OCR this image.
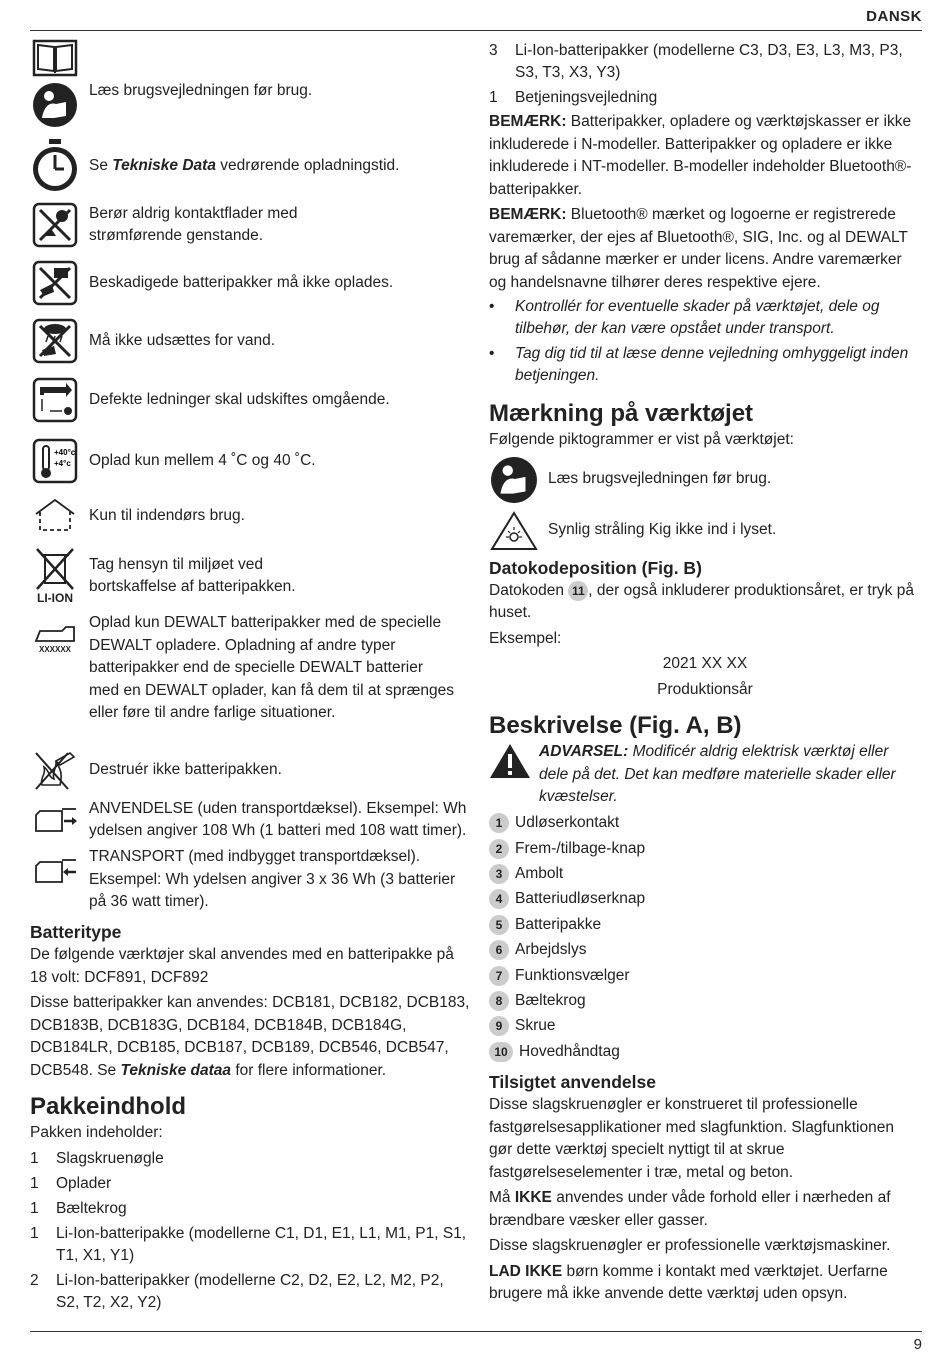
DANSK
Læs brugsvejledningen før brug.
Se Tekniske Data vedrørende opladningstid.
Berør aldrig kontaktflader med strømførende genstande.
Beskadigede batteripakker må ikke oplades.
Må ikke udsættes for vand.
Defekte ledninger skal udskiftes omgående.
+40°c
+4°c Oplad kun mellem 4 ˚C og 40 ˚C.
Kun til indendørs brug.
LI-ION
Tag hensyn til miljøet ved bortskaffelse af batteripakken.
XXXXXX
Oplad kun DEWALT batteripakker med de specielle DEWALT opladere. Opladning af andre typer batteripakker end de specielle DEWALT batterier med en DEWALT oplader, kan få dem til at sprænges eller føre til andre farlige situationer.
Destruér ikke batteripakken.
ANVENDELSE (uden transportdæksel). Eksempel: Wh ydelsen angiver 108 Wh (1 batteri med 108 watt timer).
TRANSPORT (med indbygget transportdæksel). Eksempel: Wh ydelsen angiver 3 x 36 Wh (3 batterier på 36 watt timer).
Batteritype

De følgende værktøjer skal anvendes med en batteripakke på 18 volt: DCF891, DCF892

Disse batteripakker kan anvendes: DCB181, DCB182, DCB183, DCB183B, DCB183G, DCB184, DCB184B, DCB184G, DCB184LR, DCB185, DCB187, DCB189, DCB546, DCB547, DCB548. Se Tekniske dataa for flere informationer.

Pakkeindhold

Pakken indeholder:

1	Slagskruenøgle
1	Oplader
1	Bæltekrog
1	Li-Ion-batteripakke (modellerne C1, D1, E1, L1, M1, P1, S1, T1, X1, Y1)
2	Li-Ion-batteripakker (modellerne C2, D2, E2, L2, M2, P2, S2, T2, X2, Y2)
3	Li-Ion-batteripakker (modellerne C3, D3, E3, L3, M3, P3, S3, T3, X3, Y3)
1	Betjeningsvejledning

BEMÆRK: Batteripakker, opladere og værktøjskasser er ikke inkluderede i N-modeller. Batteripakker og opladere er ikke inkluderede i NT-modeller. B-modeller indeholder Bluetooth®-batteripakker.

BEMÆRK: Bluetooth® mærket og logoerne er registrerede varemærker, der ejes af Bluetooth®, SIG, Inc. og al DEWALT brug af sådanne mærker er under licens. Andre varemærker og handelsnavne tilhører deres respektive ejere.

•	Kontrollér for eventuelle skader på værktøjet, dele og tilbehør, der kan være opstået under transport.
•	Tag dig tid til at læse denne vejledning omhyggeligt inden betjeningen.
Mærkning på værktøjet

Følgende piktogrammer er vist på værktøjet:

Læs brugsvejledningen før brug.
Synlig stråling Kig ikke ind i lyset.
Datokodeposition (Fig. B)

Datokoden 11 , der også inkluderer produktionsåret, er tryk på huset.

Eksempel:

2021 XX XX

Produktionsår

Beskrivelse (Fig. A, B)

ADVARSEL: Modificér aldrig elektrisk værktøj eller dele på det. Det kan medføre materielle skader eller kvæstelser.

1 Udløserkontakt
2 Frem-/tilbage-knap
3 Ambolt
4 Batteriudløserknap
5 Batteripakke
6 Arbejdslys
7 Funktionsvælger
8 Bæltekrog
9 Skrue
10 Hovedhåndtag
Tilsigtet anvendelse

Disse slagskruenøgler er konstrueret til professionelle fastgørelsesapplikationer med slagfunktion. Slagfunktionen gør dette værktøj specielt nyttigt til at skrue fastgørelseselementer i træ, metal og beton.

Må IKKE anvendes under våde forhold eller i nærheden af brændbare væsker eller gasser.

Disse slagskruenøgler er professionelle værktøjsmaskiner.

LAD IKKE børn komme i kontakt med værktøjet. Uerfarne brugere må ikke anvende dette værktøj uden opsyn.

9
